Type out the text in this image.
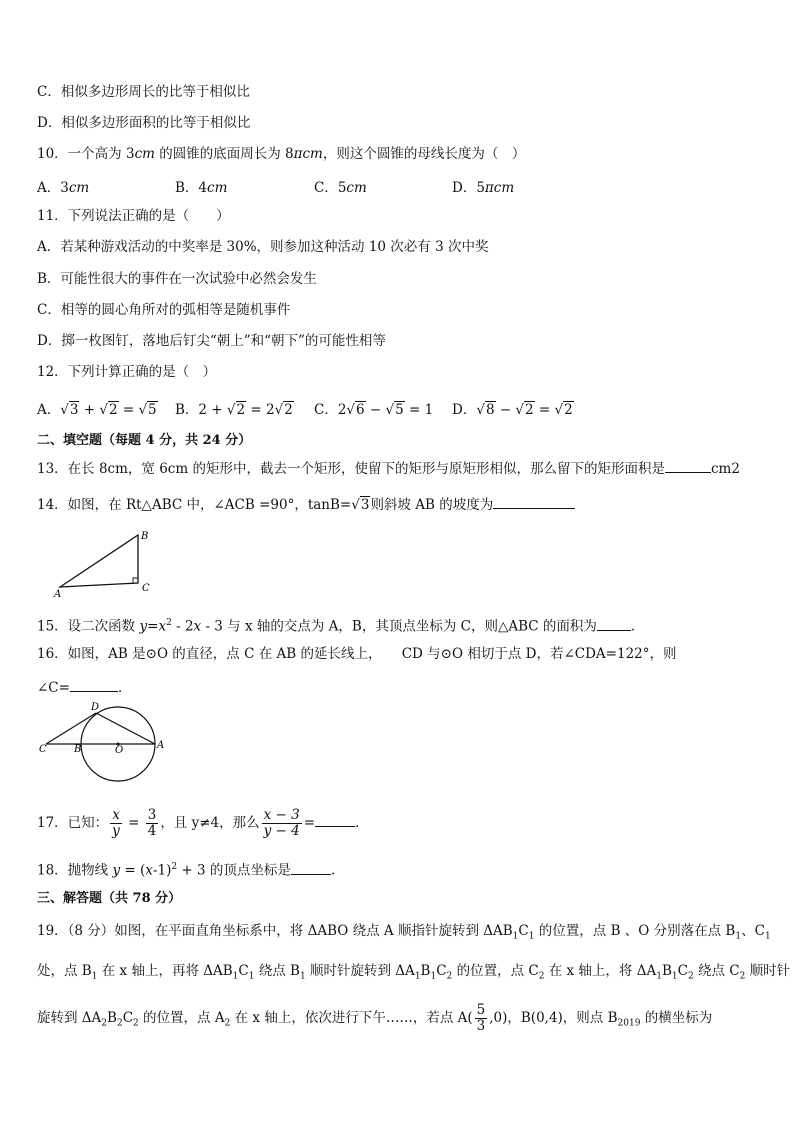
C．相似多边形周长的比等于相似比
D．相似多边形面积的比等于相似比
10．一个高为 3cm 的圆锥的底面周长为 8πcm，则这个圆锥的母线长度为（　）
A．3cm	B．4cm	C．5cm	D．5πcm
11．下列说法正确的是（　　）
A．若某种游戏活动的中奖率是 30%，则参加这种活动 10 次必有 3 次中奖
B．可能性很大的事件在一次试验中必然会发生
C．相等的圆心角所对的弧相等是随机事件
D．掷一枚图钉，落地后钉尖“朝上”和“朝下”的可能性相等
12．下列计算正确的是（　）
A．√3 + √2 = √5 B．2 + √2 = 2√2 C．2√6 − √5 = 1 D．√8 − √2 = √2
二、填空题（每题 4 分，共 24 分）
13．在长 8cm，宽 6cm 的矩形中，截去一个矩形，使留下的矩形与原矩形相似，那么留下的矩形面积是	cm2
14．如图，在 Rt△ABC 中，∠ACB =90°，tanB=√3则斜坡 AB 的坡度为
A
B
C
15．设二次函数 $y=x^2 - 2x - 3$ 与 x 轴的交点为 A，B，其顶点坐标为 C，则△ABC 的面积为	．
16．如图，AB 是⊙O 的直径，点 C 在 AB 的延长线上，　　CD 与⊙O 相切于点 D，若∠CDA=122°，则
∠C=	．
C	B	O	A
D
17．已知： $\frac{x}{y} = \frac{3}{4}$ ，且 y≠4，那么 $\frac{x - 3}{y - 4}$ =	．
18．抛物线 $y = (x-1)^2 + 3$ 的顶点坐标是	.
三、解答题（共 78 分）
19．（8 分）如图，在平面直角坐标系中，将 ΔABO 绕点 A 顺指针旋转到 $\Delta AB_1C_1$ 的位置，点 B 、O 分别落在点 $B_1$、$C_1$
处，点 $B_1$ 在 x 轴上，再将 $\Delta AB_1C_1$ 绕点 $B_1$ 顺时针旋转到 $\Delta A_1B_1C_2$ 的位置，点 $C_2$ 在 x 轴上，将 $\Delta A_1B_1C_2$ 绕点 $C_2$ 顺时针
旋转到 $\Delta A_2B_2C_2$ 的位置，点 $A_2$ 在 x 轴上，依次进行下午……，若点 $A( \frac{5}{3} ,0)$，B(0,4)，则点 $B_{2019}$ 的横坐标为
